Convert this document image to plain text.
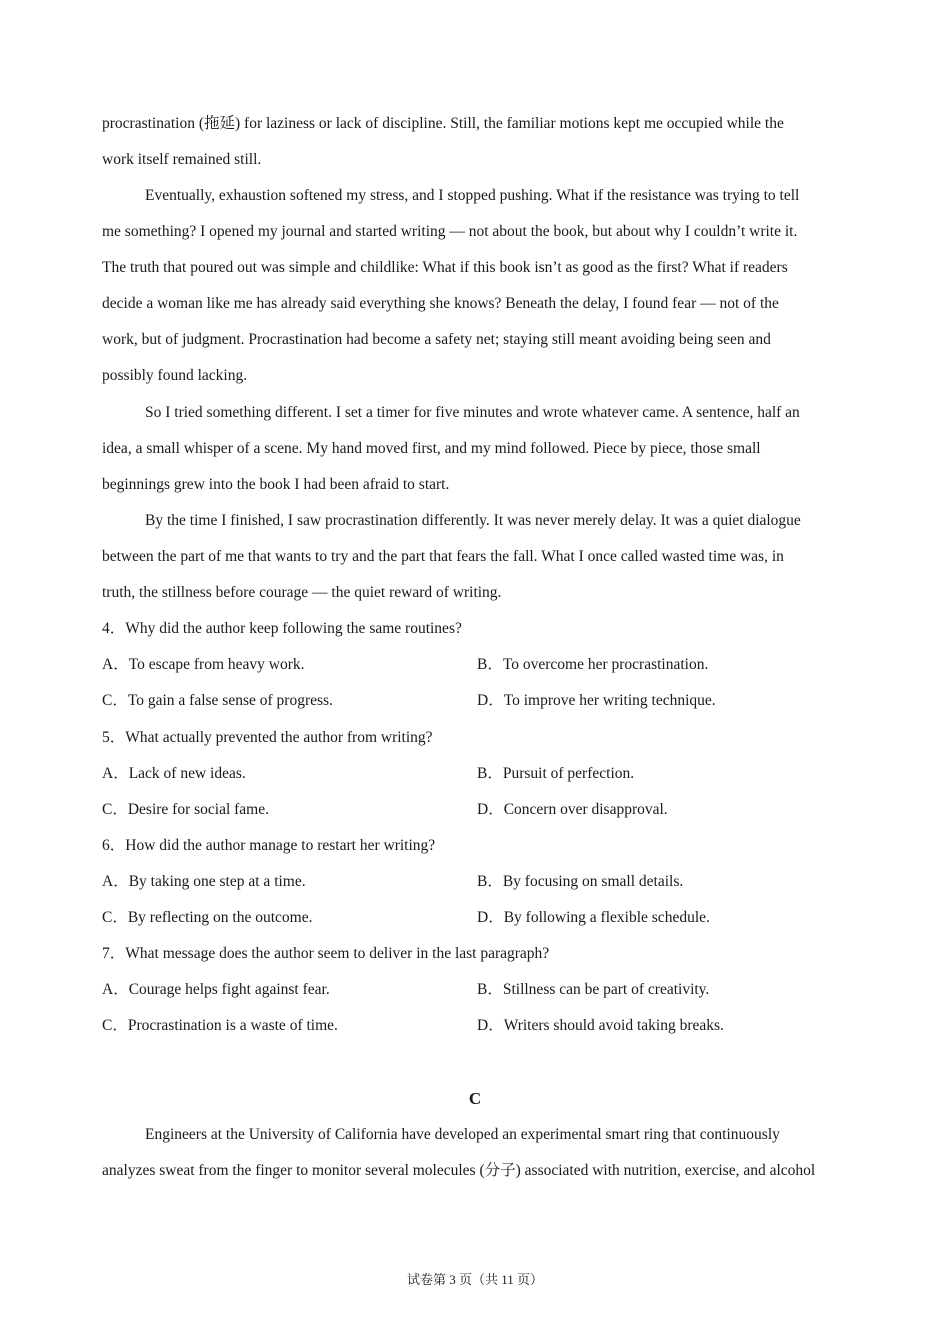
procrastination (拖延) for laziness or lack of discipline. Still, the familiar motions kept me occupied while the
work itself remained still.
Eventually, exhaustion softened my stress, and I stopped pushing. What if the resistance was trying to tell
me something? I opened my journal and started writing — not about the book, but about why I couldn’t write it.
The truth that poured out was simple and childlike: What if this book isn’t as good as the first? What if readers
decide a woman like me has already said everything she knows? Beneath the delay, I found fear — not of the
work, but of judgment. Procrastination had become a safety net; staying still meant avoiding being seen and
possibly found lacking.
So I tried something different. I set a timer for five minutes and wrote whatever came. A sentence, half an
idea, a small whisper of a scene. My hand moved first, and my mind followed. Piece by piece, those small
beginnings grew into the book I had been afraid to start.
By the time I finished, I saw procrastination differently. It was never merely delay. It was a quiet dialogue
between the part of me that wants to try and the part that fears the fall. What I once called wasted time was, in
truth, the stillness before courage — the quiet reward of writing.
4．Why did the author keep following the same routines?
A．To escape from heavy work.	B．To overcome her procrastination.
C．To gain a false sense of progress.	D．To improve her writing technique.
5．What actually prevented the author from writing?
A．Lack of new ideas.	B．Pursuit of perfection.
C．Desire for social fame.	D．Concern over disapproval.
6．How did the author manage to restart her writing?
A．By taking one step at a time.	B．By focusing on small details.
C．By reflecting on the outcome.	D．By following a flexible schedule.
7．What message does the author seem to deliver in the last paragraph?
A．Courage helps fight against fear.	B．Stillness can be part of creativity.
C．Procrastination is a waste of time.	D．Writers should avoid taking breaks.
C
Engineers at the University of California have developed an experimental smart ring that continuously
analyzes sweat from the finger to monitor several molecules (分子) associated with nutrition, exercise, and alcohol
试卷第 3 页（共 11 页）
